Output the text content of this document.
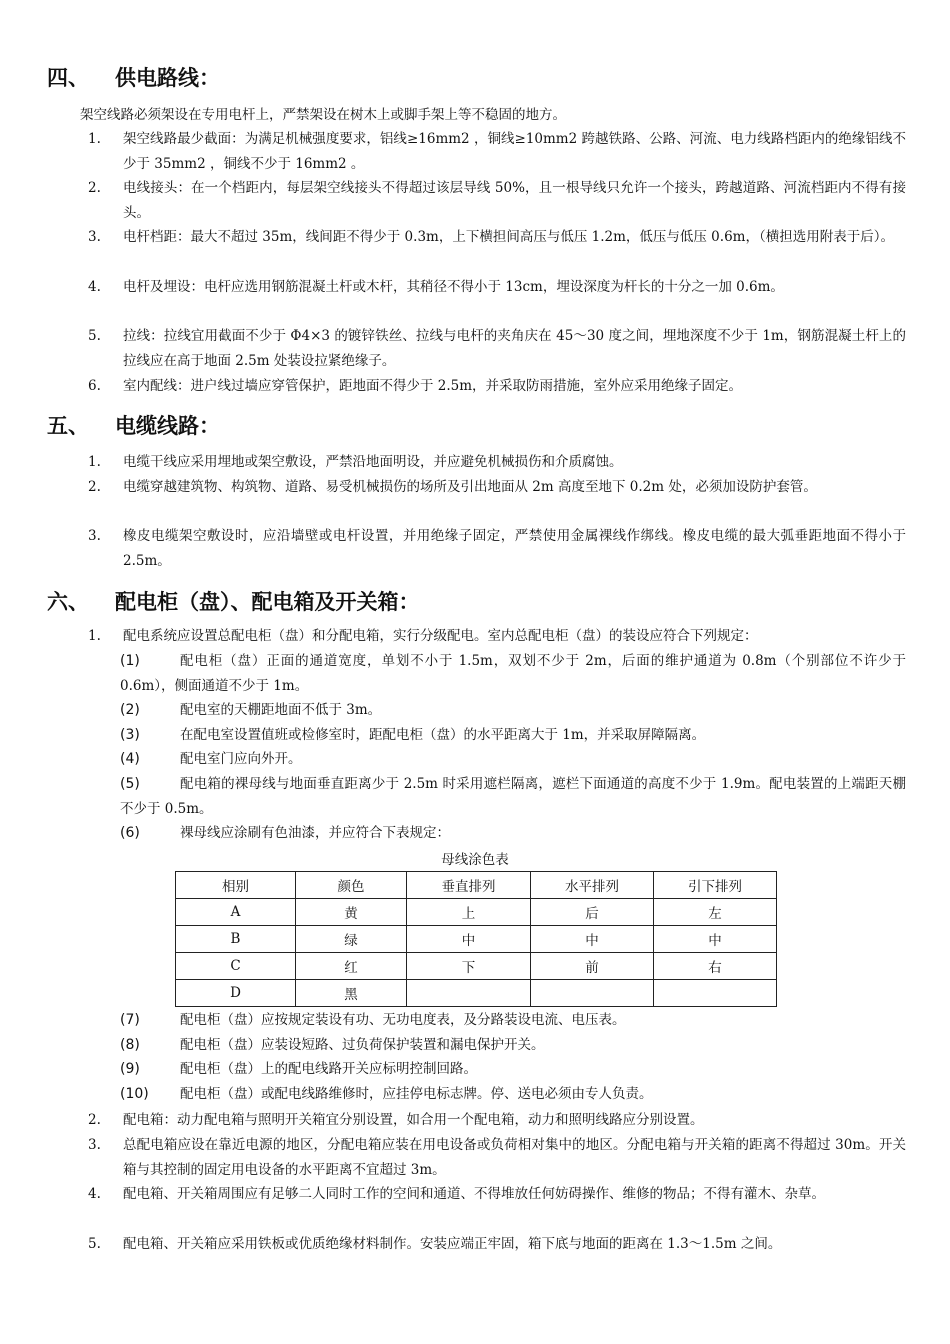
四、 供电路线：
架空线路必须架设在专用电杆上，严禁架设在树木上或脚手架上等不稳固的地方。
1.	架空线路最少截面：为满足机械强度要求，铝线≥16mm2 ，铜线≥10mm2 跨越铁路、公路、河流、电力线路档距内的绝缘铝线不少于 35mm2 ，铜线不少于 16mm2 。
2.	电线接头：在一个档距内，每层架空线接头不得超过该层导线 50%，且一根导线只允许一个接头，跨越道路、河流档距内不得有接头。
3.	电杆档距：最大不超过 35m，线间距不得少于 0.3m，上下横担间高压与低压 1.2m，低压与低压 0.6m，（横担选用附表于后）。
4.	电杆及埋设：电杆应选用钢筋混凝土杆或木杆，其稍径不得小于 13cm，埋设深度为杆长的十分之一加 0.6m。
5.	拉线：拉线宜用截面不少于 Φ4×3 的镀锌铁丝、拉线与电杆的夹角庆在 45～30 度之间，埋地深度不少于 1m，钢筋混凝土杆上的拉线应在高于地面 2.5m 处装设拉紧绝缘子。
6.	室内配线：进户线过墙应穿管保护，距地面不得少于 2.5m，并采取防雨措施，室外应采用绝缘子固定。
五、 电缆线路：
1.	电缆干线应采用埋地或架空敷设，严禁沿地面明设，并应避免机械损伤和介质腐蚀。
2.	电缆穿越建筑物、构筑物、道路、易受机械损伤的场所及引出地面从 2m 高度至地下 0.2m 处，必须加设防护套管。
3.	橡皮电缆架空敷设时，应沿墙壁或电杆设置，并用绝缘子固定，严禁使用金属裸线作绑线。橡皮电缆的最大弧垂距地面不得小于 2.5m。
六、 配电柜（盘）、配电箱及开关箱：
1.	配电系统应设置总配电柜（盘）和分配电箱，实行分级配电。室内总配电柜（盘）的装设应符合下列规定：
(1)	配电柜（盘）正面的通道宽度，单划不小于 1.5m，双划不少于 2m，后面的维护通道为 0.8m（个别部位不许少于 0.6m），侧面通道不少于 1m。
(2)	配电室的天棚距地面不低于 3m。
(3)	在配电室设置值班或检修室时，距配电柜（盘）的水平距离大于 1m，并采取屏障隔离。
(4)	配电室门应向外开。
(5)	配电箱的裸母线与地面垂直距离少于 2.5m 时采用遮栏隔离，遮栏下面通道的高度不少于 1.9m。配电装置的上端距天棚不少于 0.5m。
(6)	裸母线应涂刷有色油漆，并应符合下表规定：
母线涂色表
相别	颜色	垂直排列	水平排列	引下排列
A	黄	上	后	左
B	绿	中	中	中
C	红	下	前	右
D	黑			
(7)	配电柜（盘）应按规定装设有功、无功电度表，及分路装设电流、电压表。
(8)	配电柜（盘）应装设短路、过负荷保护装置和漏电保护开关。
(9)	配电柜（盘）上的配电线路开关应标明控制回路。
(10)	配电柜（盘）或配电线路维修时，应挂停电标志牌。停、送电必须由专人负责。
2.	配电箱：动力配电箱与照明开关箱宜分别设置，如合用一个配电箱，动力和照明线路应分别设置。
3.	总配电箱应设在靠近电源的地区，分配电箱应装在用电设备或负荷相对集中的地区。分配电箱与开关箱的距离不得超过 30m。开关箱与其控制的固定用电设备的水平距离不宜超过 3m。
4.	配电箱、开关箱周围应有足够二人同时工作的空间和通道、不得堆放任何妨碍操作、维修的物品；不得有灌木、杂草。
5.	配电箱、开关箱应采用铁板或优质绝缘材料制作。安装应端正牢固，箱下底与地面的距离在 1.3～1.5m 之间。
